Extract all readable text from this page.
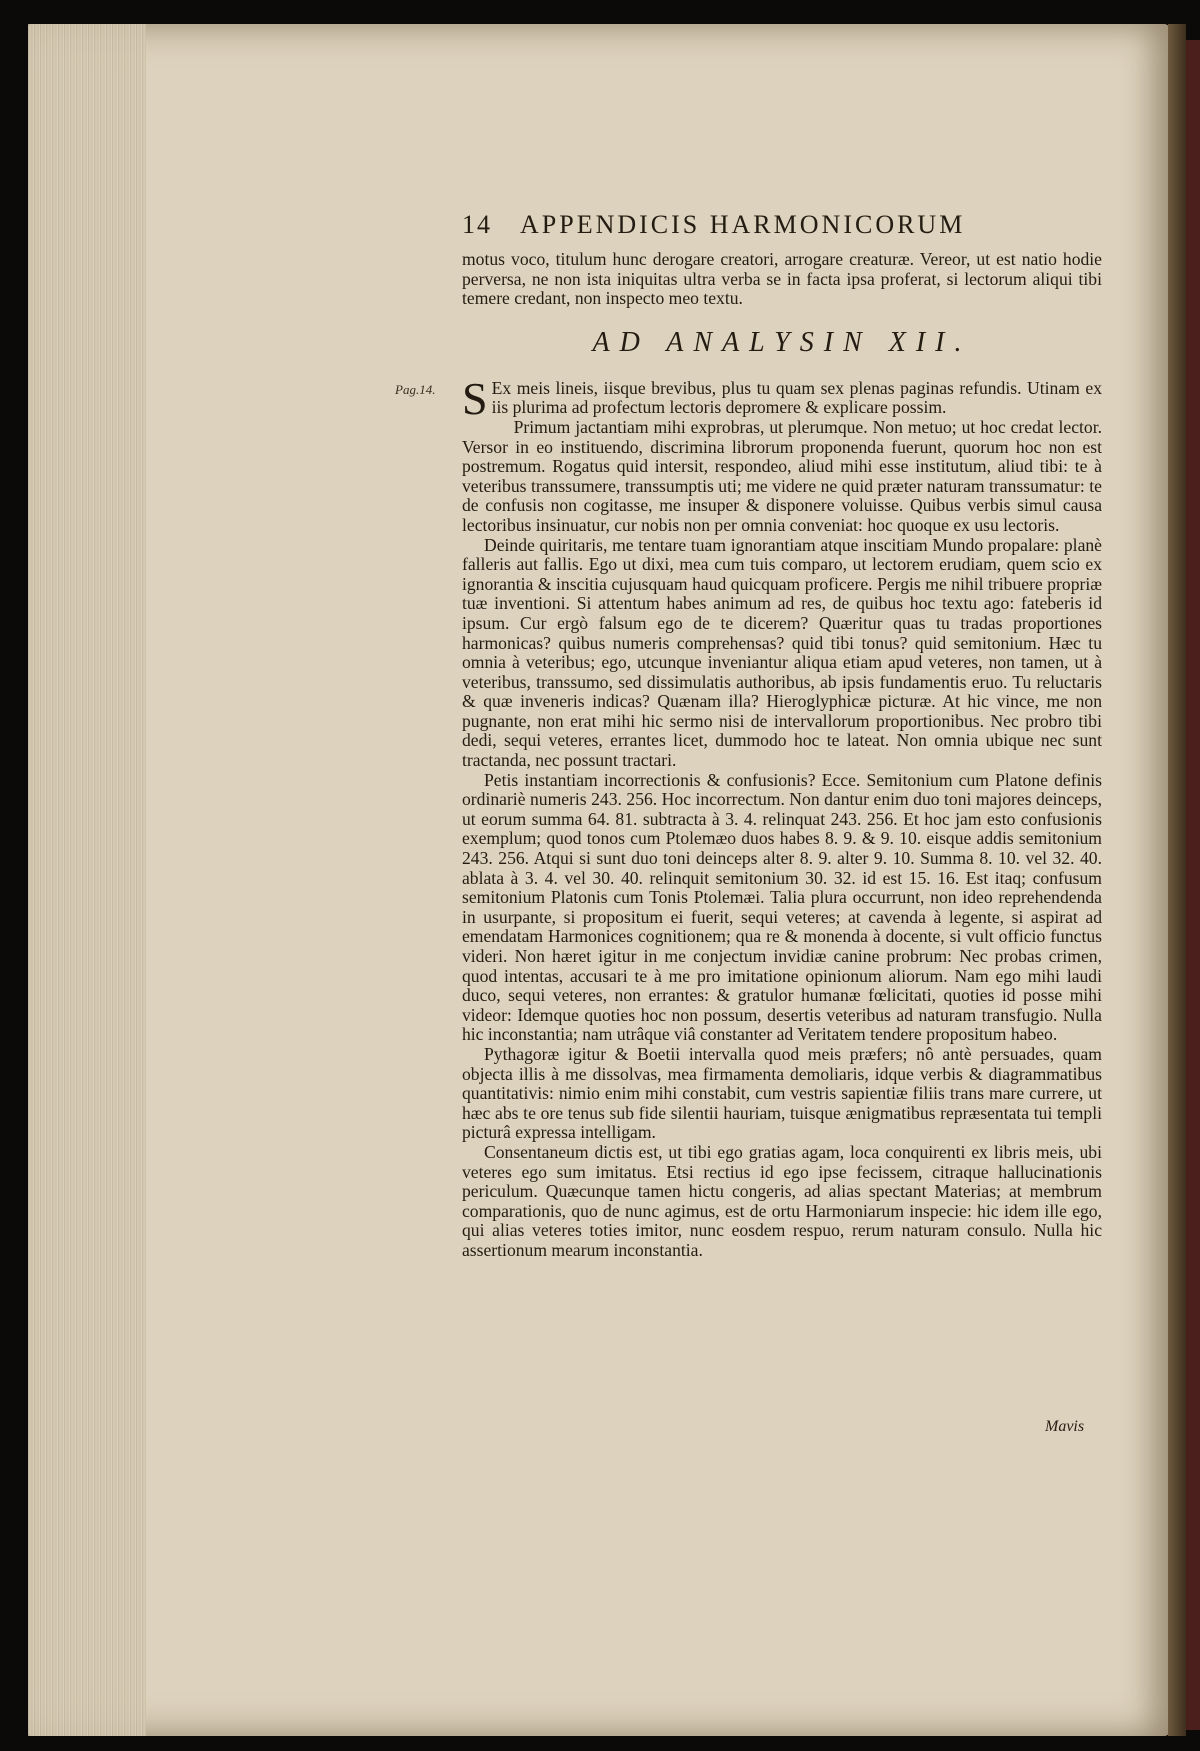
Pag.14.
14	APPENDICIS HARMONICORUM

motus voco, titulum hunc derogare creatori, arrogare creaturæ. Vereor, ut est natio hodie perversa, ne non ista iniquitas ultra verba se in facta ipsa proferat, si lectorum aliqui tibi temere credant, non inspecto meo textu.

AD ANALYSIN XII.

S Ex meis lineis, iisque brevibus, plus tu quam sex plenas paginas refundis. Utinam ex iis plurima ad profectum lectoris depromere & explicare possim.

Primum jactantiam mihi exprobras, ut plerumque. Non metuo; ut hoc credat lector. Versor in eo instituendo, discrimina librorum proponenda fuerunt, quorum hoc non est postremum. Rogatus quid intersit, respondeo, aliud mihi esse institutum, aliud tibi: te à veteribus transsumere, transsumptis uti; me videre ne quid præter naturam transsumatur: te de confusis non cogitasse, me insuper & disponere voluisse. Quibus verbis simul causa lectoribus insinuatur, cur nobis non per omnia conveniat: hoc quoque ex usu lectoris.

Deinde quiritaris, me tentare tuam ignorantiam atque inscitiam Mundo propalare: planè falleris aut fallis. Ego ut dixi, mea cum tuis comparo, ut lectorem erudiam, quem scio ex ignorantia & inscitia cujusquam haud quicquam proficere. Pergis me nihil tribuere propriæ tuæ inventioni. Si attentum habes animum ad res, de quibus hoc textu ago: fateberis id ipsum. Cur ergò falsum ego de te dicerem? Quæritur quas tu tradas proportiones harmonicas? quibus numeris comprehensas? quid tibi tonus? quid semitonium. Hæc tu omnia à veteribus; ego, utcunque inveniantur aliqua etiam apud veteres, non tamen, ut à veteribus, transsumo, sed dissimulatis authoribus, ab ipsis fundamentis eruo. Tu reluctaris & quæ inveneris indicas? Quænam illa? Hieroglyphicæ picturæ. At hic vince, me non pugnante, non erat mihi hic sermo nisi de intervallorum proportionibus. Nec probro tibi dedi, sequi veteres, errantes licet, dummodo hoc te lateat. Non omnia ubique nec sunt tractanda, nec possunt tractari.

Petis instantiam incorrectionis & confusionis? Ecce. Semitonium cum Platone definis ordinariè numeris 243. 256. Hoc incorrectum. Non dantur enim duo toni majores deinceps, ut eorum summa 64. 81. subtracta à 3. 4. relinquat 243. 256. Et hoc jam esto confusionis exemplum; quod tonos cum Ptolemæo duos habes 8. 9. & 9. 10. eisque addis semitonium 243. 256. Atqui si sunt duo toni deinceps alter 8. 9. alter 9. 10. Summa 8. 10. vel 32. 40. ablata à 3. 4. vel 30. 40. relinquit semitonium 30. 32. id est 15. 16. Est itaq; confusum semitonium Platonis cum Tonis Ptolemæi. Talia plura occurrunt, non ideo reprehendenda in usurpante, si propositum ei fuerit, sequi veteres; at cavenda à legente, si aspirat ad emendatam Harmonices cognitionem; qua re & monenda à docente, si vult officio functus videri. Non hæret igitur in me conjectum invidiæ canine probrum: Nec probas crimen, quod intentas, accusari te à me pro imitatione opinionum aliorum. Nam ego mihi laudi duco, sequi veteres, non errantes: & gratulor humanæ fœlicitati, quoties id posse mihi videor: Idemque quoties hoc non possum, desertis veteribus ad naturam transfugio. Nulla hic inconstantia; nam utrâque viâ constanter ad Veritatem tendere propositum habeo.

Pythagoræ igitur & Boetii intervalla quod meis præfers; nô antè persuades, quam objecta illis à me dissolvas, mea firmamenta demoliaris, idque verbis & diagrammatibus quantitativis: nimio enim mihi constabit, cum vestris sapientiæ filiis trans mare currere, ut hæc abs te ore tenus sub fide silentii hauriam, tuisque ænigmatibus repræsentata tui templi picturâ expressa intelligam.

Consentaneum dictis est, ut tibi ego gratias agam, loca conquirenti ex libris meis, ubi veteres ego sum imitatus. Etsi rectius id ego ipse fecissem, citraque hallucinationis periculum. Quæcunque tamen hictu congeris, ad alias spectant Materias; at membrum comparationis, quo de nunc agimus, est de ortu Harmoniarum inspecie: hic idem ille ego, qui alias veteres toties imitor, nunc eosdem respuo, rerum naturam consulo. Nulla hic assertionum mearum inconstantia.

Mavis
